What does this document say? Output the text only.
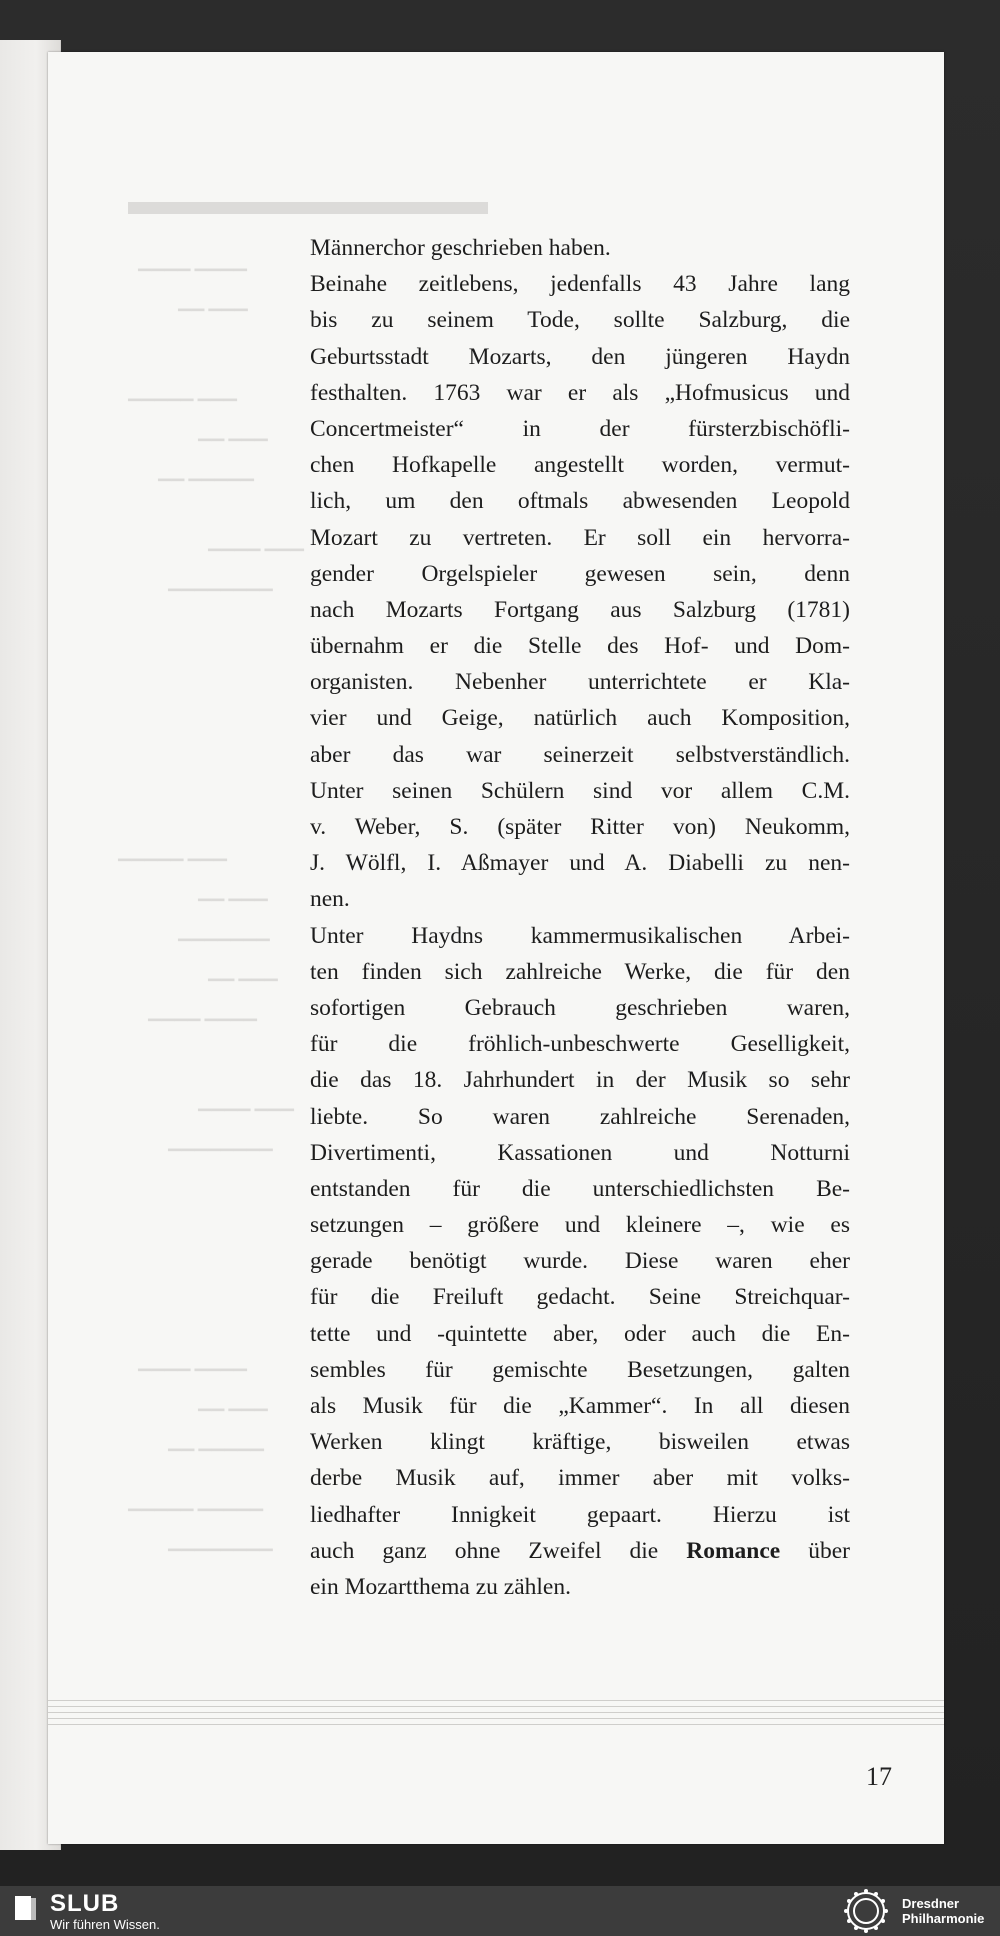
▬▬▬▬▬▬▬▬▬
▁▁▁▁ ▁▁▁▁
▁▁ ▁▁▁
▁▁▁▁▁ ▁▁▁
▁▁ ▁▁▁
▁▁ ▁▁▁▁▁
▁▁▁▁ ▁▁▁
▁▁▁▁▁▁▁▁
▁▁▁▁▁ ▁▁▁
▁▁ ▁▁▁
▁▁▁▁▁▁▁
▁▁ ▁▁▁
▁▁▁▁ ▁▁▁▁
▁▁▁▁ ▁▁▁
▁▁▁▁▁▁▁▁
▁▁▁▁ ▁▁▁▁
▁▁ ▁▁▁
▁▁ ▁▁▁▁▁
▁▁▁▁▁ ▁▁▁▁▁
▁▁▁▁▁▁▁▁
Männerchor geschrieben haben.
Beinahe zeitlebens, jedenfalls 43 Jahre lang
bis zu seinem Tode, sollte Salzburg, die
Geburtsstadt Mozarts, den jüngeren Haydn
festhalten. 1763 war er als „Hofmusicus und
Concertmeister“ in der fürsterzbischöfli-
chen Hofkapelle angestellt worden, vermut-
lich, um den oftmals abwesenden Leopold
Mozart zu vertreten. Er soll ein hervorra-
gender Orgelspieler gewesen sein, denn
nach Mozarts Fortgang aus Salzburg (1781)
übernahm er die Stelle des Hof- und Dom-
organisten. Nebenher unterrichtete er Kla-
vier und Geige, natürlich auch Komposition,
aber das war seinerzeit selbstverständlich.
Unter seinen Schülern sind vor allem C.M.
v. Weber, S. (später Ritter von) Neukomm,
J. Wölfl, I. Aßmayer und A. Diabelli zu nen-
nen.
Unter Haydns kammermusikalischen Arbei-
ten finden sich zahlreiche Werke, die für den
sofortigen Gebrauch geschrieben waren,
für die fröhlich-unbeschwerte Geselligkeit,
die das 18. Jahrhundert in der Musik so sehr
liebte. So waren zahlreiche Serenaden,
Divertimenti, Kassationen und Notturni
entstanden für die unterschiedlichsten Be-
setzungen – größere und kleinere –, wie es
gerade benötigt wurde. Diese waren eher
für die Freiluft gedacht. Seine Streichquar-
tette und -quintette aber, oder auch die En-
sembles für gemischte Besetzungen, galten
als Musik für die „Kammer“. In all diesen
Werken klingt kräftige, bisweilen etwas
derbe Musik auf, immer aber mit volks-
liedhafter Innigkeit gepaart. Hierzu ist
auch ganz ohne Zweifel die Romance über
ein Mozartthema zu zählen.
17
SLUB
Wir führen Wissen.
Dresdner
Philharmonie
